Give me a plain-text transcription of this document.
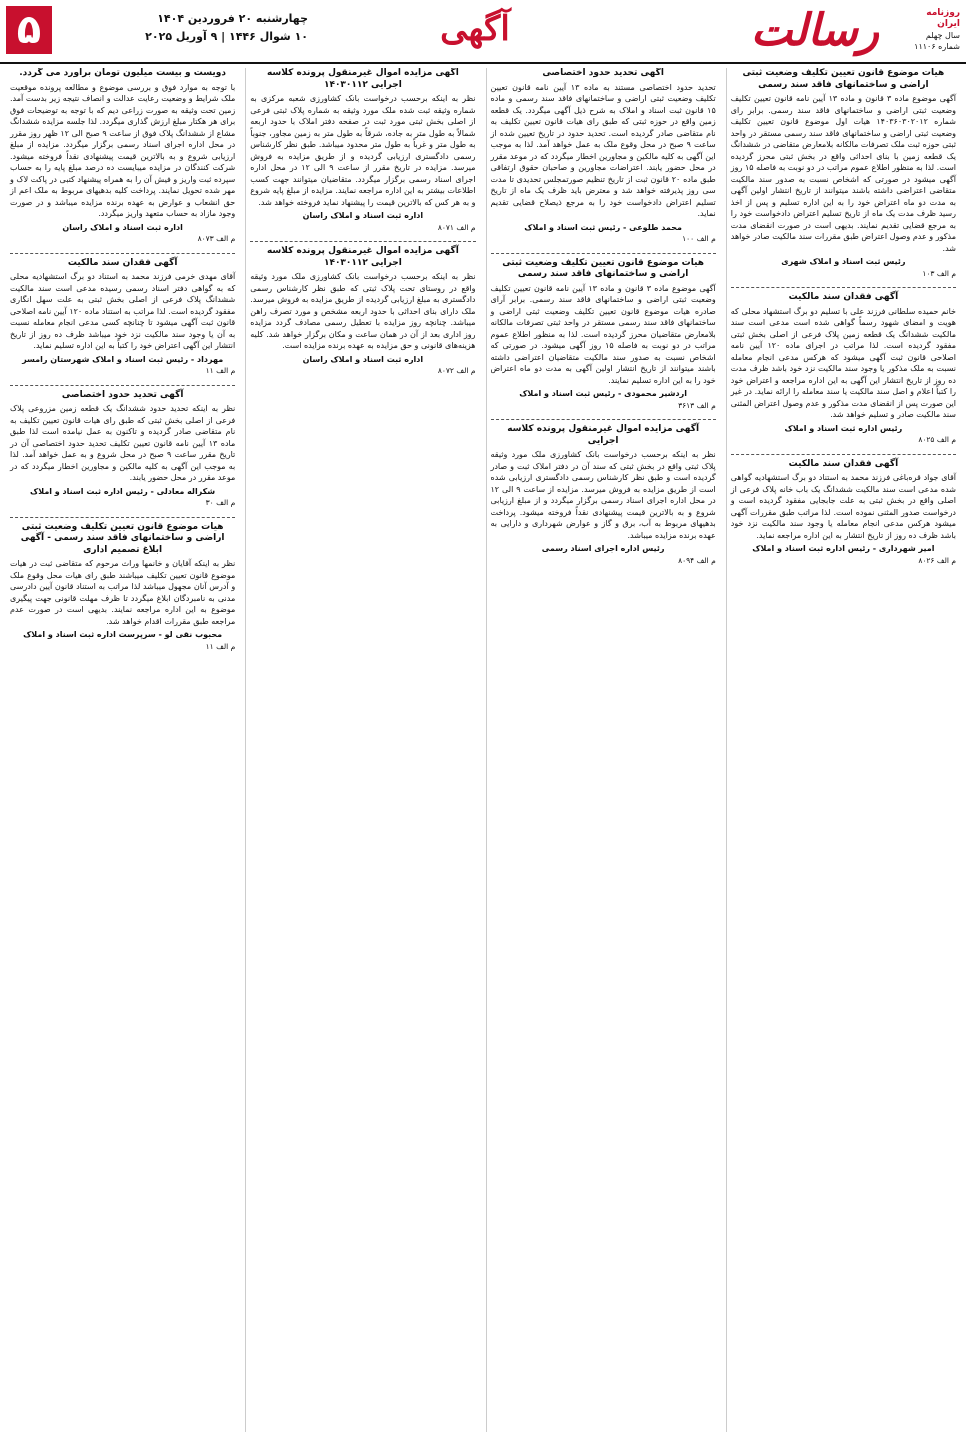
۵	چهارشنبه ۲۰ فروردین ۱۴۰۴
۱۰ شوال ۱۴۴۶ | ۹ آوریل ۲۰۲۵	آگهی	رسالت	روزنامه
ایران
سال چهلم
شماره ۱۱۱۰۶
هیات موضوع قانون تعیین تکلیف وضعیت ثبتی اراضی و ساختمانهای فاقد سند رسمی
آگهی موضوع ماده ۳ قانون و ماده ۱۳ آیین نامه قانون تعیین تکلیف وضعیت ثبتی اراضی و ساختمانهای فاقد سند رسمی. برابر رای شماره ۱۴۰۳۶۰۳۰۲۰۱۲ هیات اول موضوع قانون تعیین تکلیف وضعیت ثبتی اراضی و ساختمانهای فاقد سند رسمی مستقر در واحد ثبتی حوزه ثبت ملک تصرفات مالکانه بلامعارض متقاضی در ششدانگ یک قطعه زمین با بنای احداثی واقع در بخش ثبتی محرز گردیده است. لذا به منظور اطلاع عموم مراتب در دو نوبت به فاصله ۱۵ روز آگهی میشود در صورتی که اشخاص نسبت به صدور سند مالکیت متقاضی اعتراضی داشته باشند میتوانند از تاریخ انتشار اولین آگهی به مدت دو ماه اعتراض خود را به این اداره تسلیم و پس از اخذ رسید ظرف مدت یک ماه از تاریخ تسلیم اعتراض دادخواست خود را به مرجع قضایی تقدیم نمایند. بدیهی است در صورت انقضای مدت مذکور و عدم وصول اعتراض طبق مقررات سند مالکیت صادر خواهد شد.
رئیس ثبت اسناد و املاک شهری
م الف ۱۰۳
آگهی فقدان سند مالکیت
خانم حمیده سلطانی فرزند علی با تسلیم دو برگ استشهاد محلی که هویت و امضای شهود رسماً گواهی شده است مدعی است سند مالکیت ششدانگ یک قطعه زمین پلاک فرعی از اصلی بخش ثبتی مفقود گردیده است. لذا مراتب در اجرای ماده ۱۲۰ آیین نامه اصلاحی قانون ثبت آگهی میشود که هرکس مدعی انجام معامله نسبت به ملک مذکور یا وجود سند مالکیت نزد خود باشد ظرف مدت ده روز از تاریخ انتشار این آگهی به این اداره مراجعه و اعتراض خود را کتباً اعلام و اصل سند مالکیت یا سند معامله را ارائه نماید. در غیر این صورت پس از انقضای مدت مذکور و عدم وصول اعتراض المثنی سند مالکیت صادر و تسلیم خواهد شد.
رئیس اداره ثبت اسناد و املاک
م الف ۸۰۲۵
آگهی فقدان سند مالکیت
آقای جواد قره‌باغی فرزند محمد به استناد دو برگ استشهادیه گواهی شده مدعی است سند مالکیت ششدانگ یک باب خانه پلاک فرعی از اصلی واقع در بخش ثبتی به علت جابجایی مفقود گردیده است و درخواست صدور المثنی نموده است. لذا مراتب طبق مقررات آگهی میشود هرکس مدعی انجام معامله یا وجود سند مالکیت نزد خود باشد ظرف ده روز از تاریخ انتشار به این اداره مراجعه نماید.
امیر شهرداری - رئیس اداره ثبت اسناد و املاک
م الف ۸۰۲۶
آگهی تحدید حدود اختصاصی
تحدید حدود اختصاصی مستند به ماده ۱۳ آیین نامه قانون تعیین تکلیف وضعیت ثبتی اراضی و ساختمانهای فاقد سند رسمی و ماده ۱۵ قانون ثبت اسناد و املاک به شرح ذیل آگهی میگردد. یک قطعه زمین واقع در حوزه ثبتی که طبق رای هیات قانون تعیین تکلیف به نام متقاضی صادر گردیده است. تحدید حدود در تاریخ تعیین شده از ساعت ۹ صبح در محل وقوع ملک به عمل خواهد آمد. لذا به موجب این آگهی به کلیه مالکین و مجاورین اخطار میگردد که در موعد مقرر در محل حضور یابند. اعتراضات مجاورین و صاحبان حقوق ارتفاقی طبق ماده ۲۰ قانون ثبت از تاریخ تنظیم صورتمجلس تحدیدی تا مدت سی روز پذیرفته خواهد شد و معترض باید ظرف یک ماه از تاریخ تسلیم اعتراض دادخواست خود را به مرجع ذیصلاح قضایی تقدیم نماید.
محمد طلوعی - رئیس ثبت اسناد و املاک
م الف ۱۰۰
هیات موضوع قانون تعیین تکلیف وضعیت ثبتی اراضی و ساختمانهای فاقد سند رسمی
آگهی موضوع ماده ۳ قانون و ماده ۱۳ آیین نامه قانون تعیین تکلیف وضعیت ثبتی اراضی و ساختمانهای فاقد سند رسمی. برابر آرای صادره هیات موضوع قانون تعیین تکلیف وضعیت ثبتی اراضی و ساختمانهای فاقد سند رسمی مستقر در واحد ثبتی تصرفات مالکانه بلامعارض متقاضیان محرز گردیده است. لذا به منظور اطلاع عموم مراتب در دو نوبت به فاصله ۱۵ روز آگهی میشود. در صورتی که اشخاص نسبت به صدور سند مالکیت متقاضیان اعتراضی داشته باشند میتوانند از تاریخ انتشار اولین آگهی به مدت دو ماه اعتراض خود را به این اداره تسلیم نمایند.
اردشیر محمودی - رئیس ثبت اسناد و املاک
م الف ۳۶۱۳
آگهی مزایده اموال غیرمنقول پرونده کلاسه اجرایی
نظر به اینکه برحسب درخواست بانک کشاورزی ملک مورد وثیقه پلاک ثبتی واقع در بخش ثبتی که سند آن در دفتر املاک ثبت و صادر گردیده است و طبق نظر کارشناس رسمی دادگستری ارزیابی شده است از طریق مزایده به فروش میرسد. مزایده از ساعت ۹ الی ۱۲ در محل اداره اجرای اسناد رسمی برگزار میگردد و از مبلغ ارزیابی شروع و به بالاترین قیمت پیشنهادی نقداً فروخته میشود. پرداخت بدهیهای مربوط به آب، برق و گاز و عوارض شهرداری و دارایی به عهده برنده مزایده میباشد.
رئیس اداره اجرای اسناد رسمی
م الف ۸۰۹۴
آگهی مزایده اموال غیرمنقول پرونده کلاسه اجرایی ۱۴۰۳۰۱۱۲
نظر به اینکه برحسب درخواست بانک کشاورزی شعبه مرکزی به شماره وثیقه ثبت شده ملک مورد وثیقه به شماره پلاک ثبتی فرعی از اصلی بخش ثبتی مورد ثبت در صفحه دفتر املاک با حدود اربعه شمالاً به طول متر به جاده، شرقاً به طول متر به زمین مجاور، جنوباً به طول متر و غرباً به طول متر محدود میباشد. طبق نظر کارشناس رسمی دادگستری ارزیابی گردیده و از طریق مزایده به فروش میرسد. مزایده در تاریخ مقرر از ساعت ۹ الی ۱۲ در محل اداره اجرای اسناد رسمی برگزار میگردد. متقاضیان میتوانند جهت کسب اطلاعات بیشتر به این اداره مراجعه نمایند. مزایده از مبلغ پایه شروع و به هر کس که بالاترین قیمت را پیشنهاد نماید فروخته خواهد شد.
اداره ثبت اسناد و املاک راسان
م الف ۸۰۷۱
آگهی مزایده اموال غیرمنقول پرونده کلاسه اجرایی ۱۴۰۳۰۱۱۲
نظر به اینکه برحسب درخواست بانک کشاورزی ملک مورد وثیقه واقع در روستای تحت پلاک ثبتی که طبق نظر کارشناس رسمی دادگستری به مبلغ ارزیابی گردیده از طریق مزایده به فروش میرسد. ملک دارای بنای احداثی با حدود اربعه مشخص و مورد تصرف راهن میباشد. چنانچه روز مزایده با تعطیل رسمی مصادف گردد مزایده روز اداری بعد از آن در همان ساعت و مکان برگزار خواهد شد. کلیه هزینه‌های قانونی و حق مزایده به عهده برنده مزایده است.
اداره ثبت اسناد و املاک راسان
م الف ۸۰۷۲
دویست و بیست میلیون تومان برآورد می گردد.
با توجه به موارد فوق و بررسی موضوع و مطالعه پرونده موقعیت ملک شرایط و وضعیت رعایت عدالت و انصاف نتیجه زیر بدست آمد. زمین تحت وثیقه به صورت زراعی دیم که با توجه به توضیحات فوق برای هر هکتار مبلغ ارزش گذاری میگردد. لذا جلسه مزایده ششدانگ مشاع از ششدانگ پلاک فوق از ساعت ۹ صبح الی ۱۲ ظهر روز مقرر در محل اداره اجرای اسناد رسمی برگزار میگردد. مزایده از مبلغ ارزیابی شروع و به بالاترین قیمت پیشنهادی نقداً فروخته میشود. شرکت کنندگان در مزایده میبایست ده درصد مبلغ پایه را به حساب سپرده ثبت واریز و فیش آن را به همراه پیشنهاد کتبی در پاکت لاک و مهر شده تحویل نمایند. پرداخت کلیه بدهیهای مربوط به ملک اعم از حق انشعاب و عوارض به عهده برنده مزایده میباشد و در صورت وجود مازاد به حساب متعهد واریز میگردد.
اداره ثبت اسناد و املاک راسان
م الف ۸۰۷۳
آگهی فقدان سند مالکیت
آقای مهدی خرمی فرزند محمد به استناد دو برگ استشهادیه محلی که به گواهی دفتر اسناد رسمی رسیده مدعی است سند مالکیت ششدانگ پلاک فرعی از اصلی بخش ثبتی به علت سهل انگاری مفقود گردیده است. لذا مراتب به استناد ماده ۱۲۰ آیین نامه اصلاحی قانون ثبت آگهی میشود تا چنانچه کسی مدعی انجام معامله نسبت به آن یا وجود سند مالکیت نزد خود میباشد ظرف ده روز از تاریخ انتشار این آگهی اعتراض خود را کتباً به این اداره تسلیم نماید.
مهرداد - رئیس ثبت اسناد و املاک شهرستان رامسر
م الف ۱۱
آگهی تحدید حدود اختصاصی
نظر به اینکه تحدید حدود ششدانگ یک قطعه زمین مزروعی پلاک فرعی از اصلی بخش ثبتی که طبق رای هیات قانون تعیین تکلیف به نام متقاضی صادر گردیده و تاکنون به عمل نیامده است لذا طبق ماده ۱۳ آیین نامه قانون تعیین تکلیف تحدید حدود اختصاصی آن در تاریخ مقرر ساعت ۹ صبح در محل شروع و به عمل خواهد آمد. لذا به موجب این آگهی به کلیه مالکین و مجاورین اخطار میگردد که در موعد مقرر در محل حضور یابند.
شکراله معادلی - رئیس اداره ثبت اسناد و املاک
م الف ۳۰
هیات موضوع قانون تعیین تکلیف وضعیت ثبتی اراضی و ساختمانهای فاقد سند رسمی - آگهی ابلاغ تصمیم اداری
نظر به اینکه آقایان و خانمها وراث مرحوم که متقاضی ثبت در هیات موضوع قانون تعیین تکلیف میباشند طبق رای هیات محل وقوع ملک و آدرس آنان مجهول میباشد لذا مراتب به استناد قانون آیین دادرسی مدنی به نامبردگان ابلاغ میگردد تا ظرف مهلت قانونی جهت پیگیری موضوع به این اداره مراجعه نمایند. بدیهی است در صورت عدم مراجعه طبق مقررات اقدام خواهد شد.
محبوب نقی لو - سرپرست اداره ثبت اسناد و املاک
م الف ۱۱
